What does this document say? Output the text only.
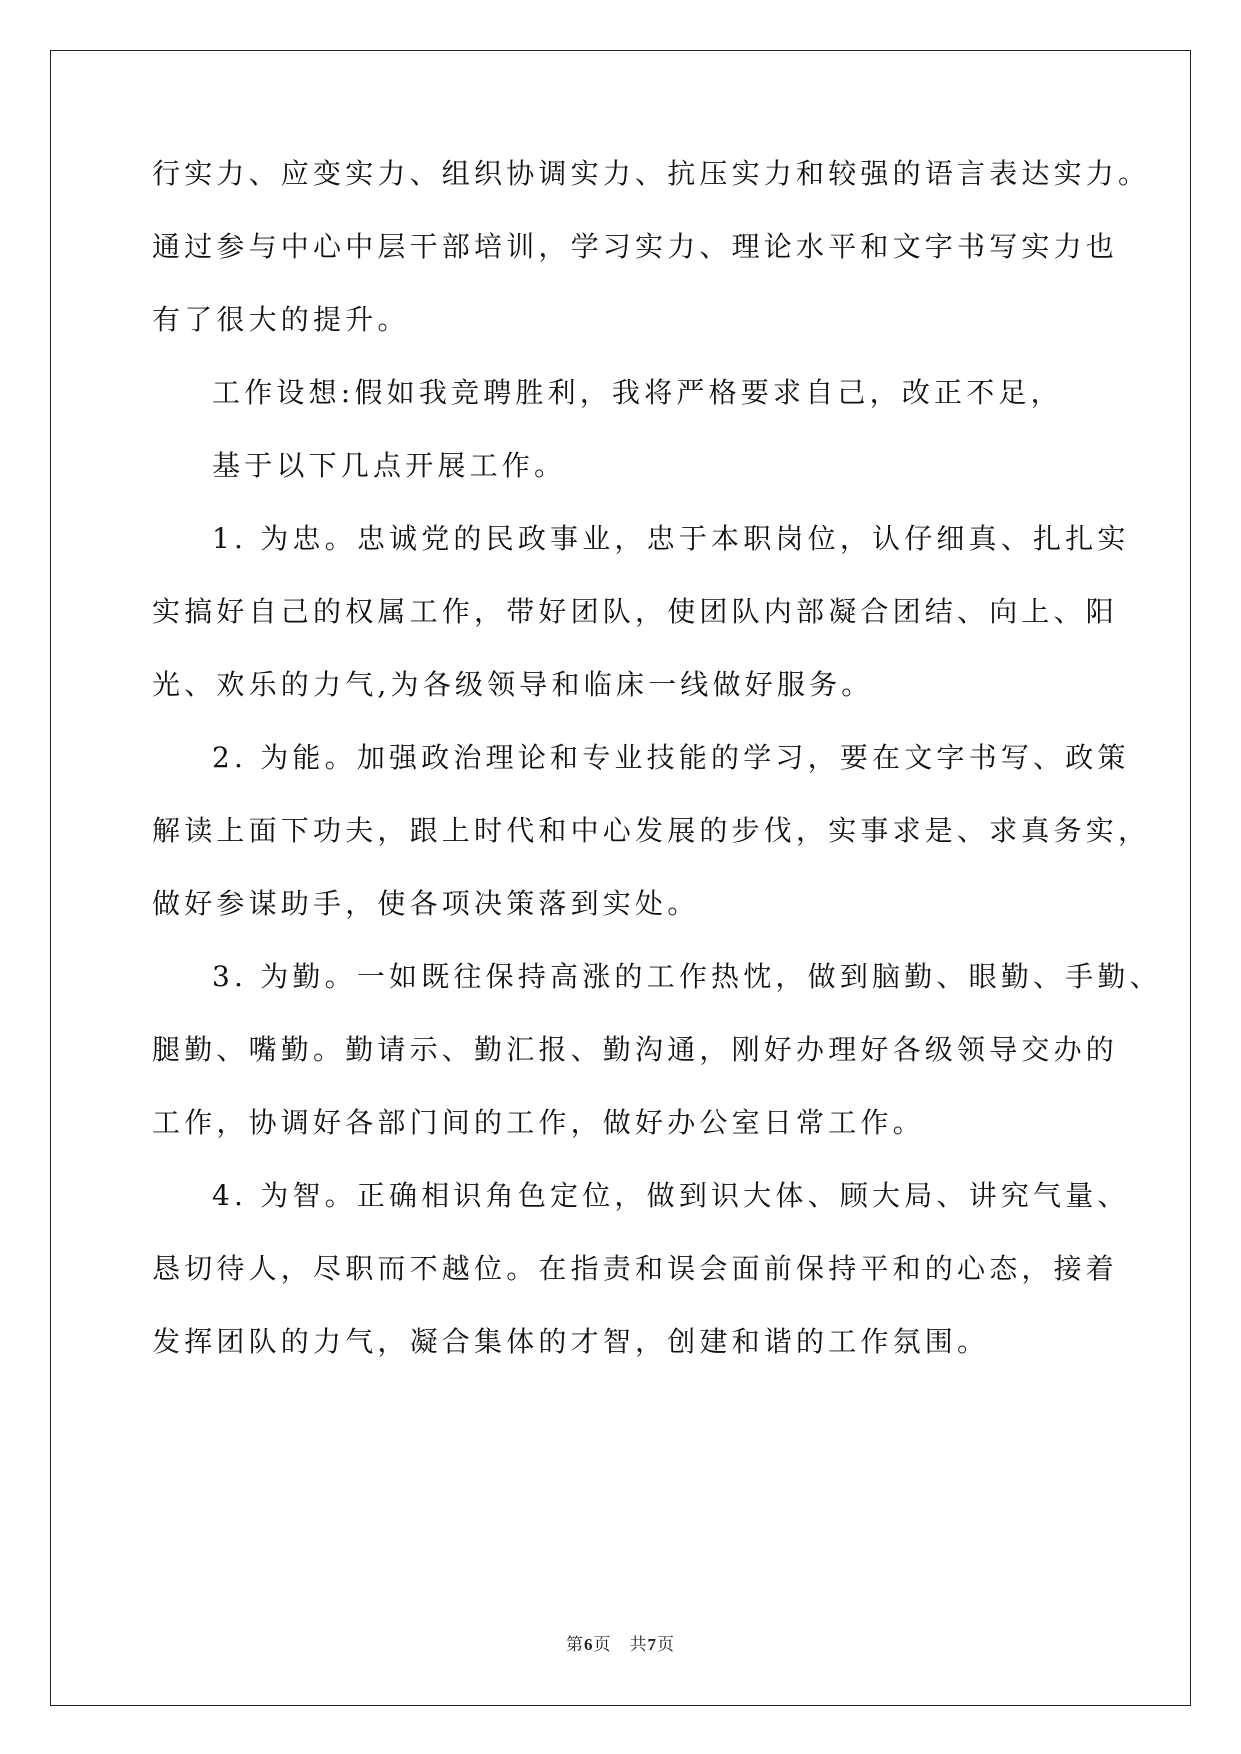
行实力、应变实力、组织协调实力、抗压实力和较强的语言表达实力。
通过参与中心中层干部培训，学习实力、理论水平和文字书写实力也
有了很大的提升。
工作设想:假如我竞聘胜利，我将严格要求自己，改正不足，
基于以下几点开展工作。
1. 为忠。忠诚党的民政事业，忠于本职岗位，认仔细真、扎扎实
实搞好自己的权属工作，带好团队，使团队内部凝合团结、向上、阳
光、欢乐的力气,为各级领导和临床一线做好服务。
2. 为能。加强政治理论和专业技能的学习，要在文字书写、政策
解读上面下功夫，跟上时代和中心发展的步伐，实事求是、求真务实，
做好参谋助手，使各项决策落到实处。
3. 为勤。一如既往保持高涨的工作热忱，做到脑勤、眼勤、手勤、
腿勤、嘴勤。勤请示、勤汇报、勤沟通，刚好办理好各级领导交办的
工作，协调好各部门间的工作，做好办公室日常工作。
4. 为智。正确相识角色定位，做到识大体、顾大局、讲究气量、
恳切待人，尽职而不越位。在指责和误会面前保持平和的心态，接着
发挥团队的力气，凝合集体的才智，创建和谐的工作氛围。
第6页　共7页
